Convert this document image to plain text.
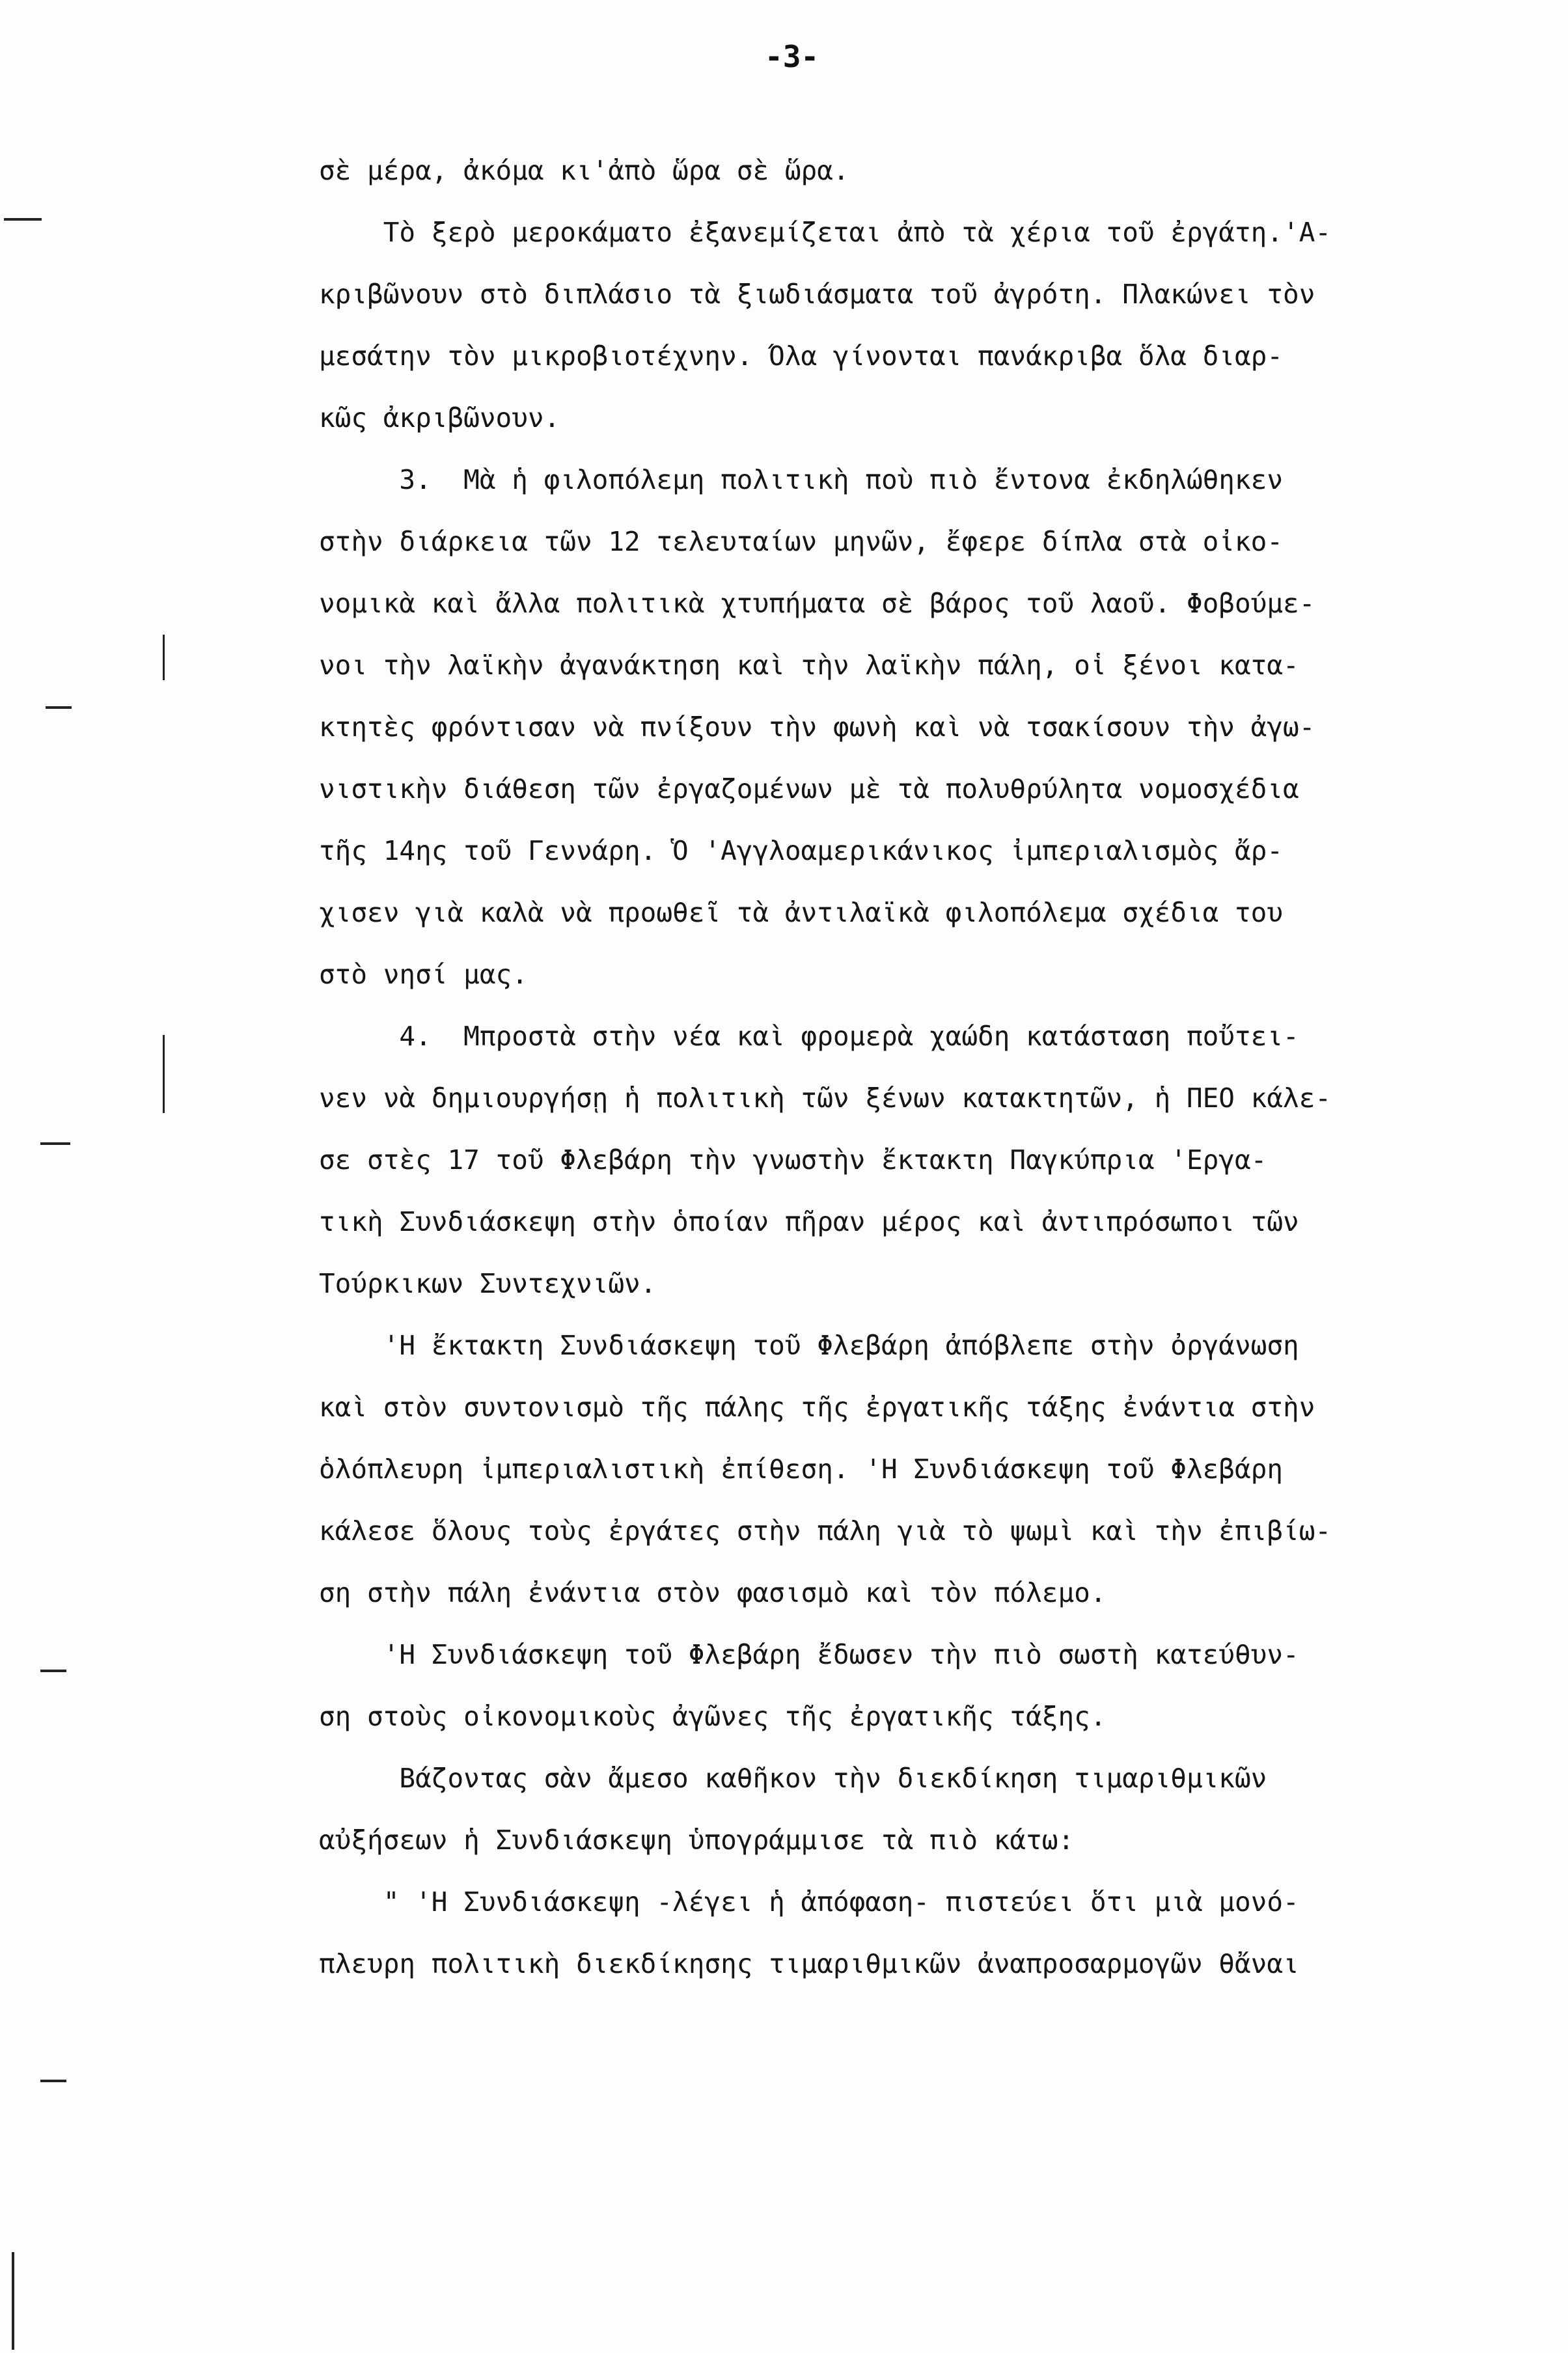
-3-
σὲ μέρα, ἀκόμα κι'ἀπὸ ὥρα σὲ ὥρα.
Τὸ ξερὸ μεροκάματο ἐξανεμίζεται ἀπὸ τὰ χέρια τοῦ ἐργάτη.'Α-
κριβῶνουν στὸ διπλάσιο τὰ ξιωδιάσματα τοῦ ἀγρότη. Πλακώνει τὸν
μεσάτην τὸν μικροβιοτέχνην. Όλα γίνονται πανάκριβα ὅλα διαρ-
κῶς ἀκριβῶνουν.
3.  Μὰ ἡ φιλοπόλεμη πολιτικὴ ποὺ πιὸ ἔντονα ἐκδηλώθηκεν
στὴν διάρκεια τῶν 12 τελευταίων μηνῶν, ἔφερε δίπλα στὰ οἰκο-
νομικὰ καὶ ἄλλα πολιτικὰ χτυπήματα σὲ βάρος τοῦ λαοῦ. Φοβούμε-
νοι τὴν λαϊκὴν ἀγανάκτηση καὶ τὴν λαϊκὴν πάλη, οἱ ξένοι κατα-
κτητὲς φρόντισαν νὰ πνίξουν τὴν φωνὴ καὶ νὰ τσακίσουν τὴν ἀγω-
νιστικὴν διάθεση τῶν ἐργαζομένων μὲ τὰ πολυθρύλητα νομοσχέδια
τῆς 14ης τοῦ Γεννάρη. Ὁ 'Αγγλοαμερικάνικος ἰμπεριαλισμὸς ἄρ-
χισεν γιὰ καλὰ νὰ προωθεῖ τὰ ἀντιλαϊκὰ φιλοπόλεμα σχέδια του
στὸ νησί μας.
4.  Μπροστὰ στὴν νέα καὶ φρομερὰ χαώδη κατάσταση ποὔτει-
νεν νὰ δημιουργήσῃ ἡ πολιτικὴ τῶν ξένων κατακτητῶν, ἡ ΠΕΟ κάλε-
σε στὲς 17 τοῦ Φλεβάρη τὴν γνωστὴν ἔκτακτη Παγκύπρια 'Εργα-
τικὴ Συνδιάσκεψη στὴν ὁποίαν πῆραν μέρος καὶ ἀντιπρόσωποι τῶν
Τούρκικων Συντεχνιῶν.
'Η ἔκτακτη Συνδιάσκεψη τοῦ Φλεβάρη ἀπόβλεπε στὴν ὀργάνωση
καὶ στὸν συντονισμὸ τῆς πάλης τῆς ἐργατικῆς τάξης ἐνάντια στὴν
ὁλόπλευρη ἰμπεριαλιστικὴ ἐπίθεση. 'Η Συνδιάσκεψη τοῦ Φλεβάρη
κάλεσε ὅλους τοὺς ἐργάτες στὴν πάλη γιὰ τὸ ψωμὶ καὶ τὴν ἐπιβίω-
ση στὴν πάλη ἐνάντια στὸν φασισμὸ καὶ τὸν πόλεμο.
'Η Συνδιάσκεψη τοῦ Φλεβάρη ἔδωσεν τὴν πιὸ σωστὴ κατεύθυν-
ση στοὺς οἰκονομικοὺς ἀγῶνες τῆς ἐργατικῆς τάξης.
Βάζοντας σὰν ἄμεσο καθῆκον τὴν διεκδίκηση τιμαριθμικῶν
αὐξήσεων ἡ Συνδιάσκεψη ὑπογράμμισε τὰ πιὸ κάτω:
" 'Η Συνδιάσκεψη -λέγει ἡ ἀπόφαση- πιστεύει ὅτι μιὰ μονό-
πλευρη πολιτικὴ διεκδίκησης τιμαριθμικῶν ἀναπροσαρμογῶν θἄναι
